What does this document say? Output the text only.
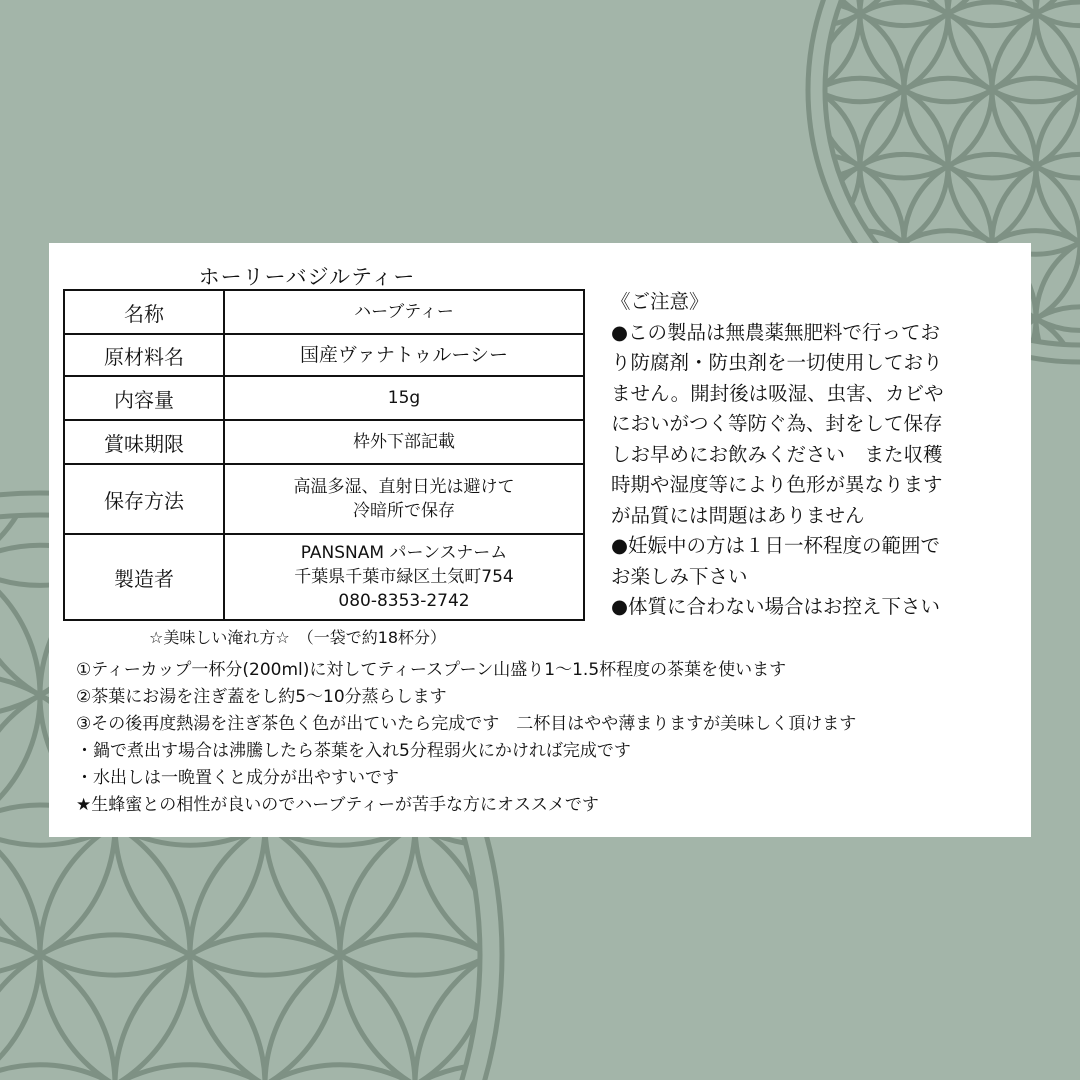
ホーリーバジルティー
名称	ハーブティー

原材料名	国産ヴァナトゥルーシー

内容量	15g

賞味期限	枠外下部記載

保存方法	高温多湿、直射日光は避けて
冷暗所で保存

製造者	PANSNAM パーンスナーム
千葉県千葉市緑区土気町754
080-8353-2742
《ご注意》
●この製品は無農薬無肥料で行ってお
り防腐剤・防虫剤を一切使用しており
ません。開封後は吸湿、虫害、カビや
においがつく等防ぐ為、封をして保存
しお早めにお飲みください　また収穫
時期や湿度等により色形が異なります
が品質には問題はありません
●妊娠中の方は１日一杯程度の範囲で
お楽しみ下さい
●体質に合わない場合はお控え下さい
☆美味しい淹れ方☆　（一袋で約18杯分）
①ティーカップ一杯分(200ml)に対してティースプーン山盛り1～1.5杯程度の茶葉を使います
②茶葉にお湯を注ぎ蓋をし約5～10分蒸らします
③その後再度熱湯を注ぎ茶色く色が出ていたら完成です　二杯目はやや薄まりますが美味しく頂けます
・鍋で煮出す場合は沸騰したら茶葉を入れ5分程弱火にかければ完成です
・水出しは一晩置くと成分が出やすいです
★生蜂蜜との相性が良いのでハーブティーが苦手な方にオススメです
